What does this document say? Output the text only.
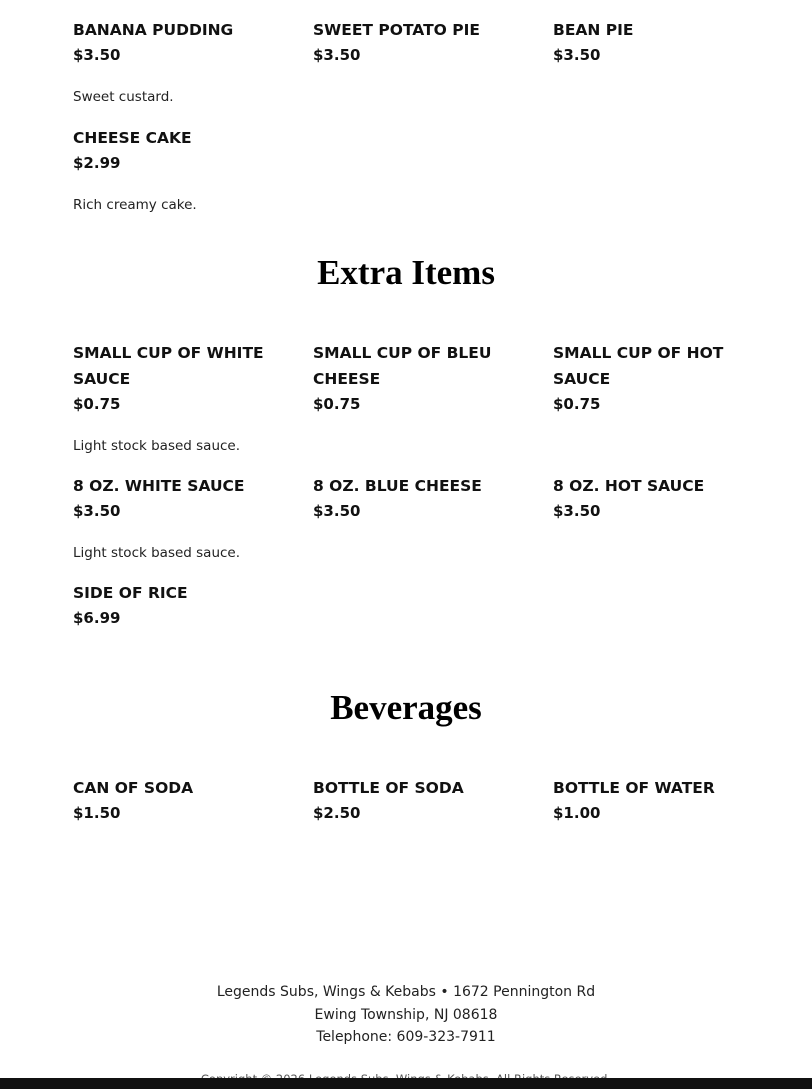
BANANA PUDDING
$3.50
Sweet custard.
SWEET POTATO PIE
$3.50
BEAN PIE
$3.50
CHEESE CAKE
$2.99
Rich creamy cake.
Extra Items
SMALL CUP OF WHITE SAUCE
$0.75
Light stock based sauce.
SMALL CUP OF BLEU CHEESE
$0.75
SMALL CUP OF HOT SAUCE
$0.75
8 OZ. WHITE SAUCE
$3.50
Light stock based sauce.
8 OZ. BLUE CHEESE
$3.50
8 OZ. HOT SAUCE
$3.50
SIDE OF RICE
$6.99
Beverages
CAN OF SODA
$1.50
BOTTLE OF SODA
$2.50
BOTTLE OF WATER
$1.00
Legends Subs, Wings & Kebabs • 1672 Pennington Rd
Ewing Township, NJ 08618
Telephone: 609-323-7911
